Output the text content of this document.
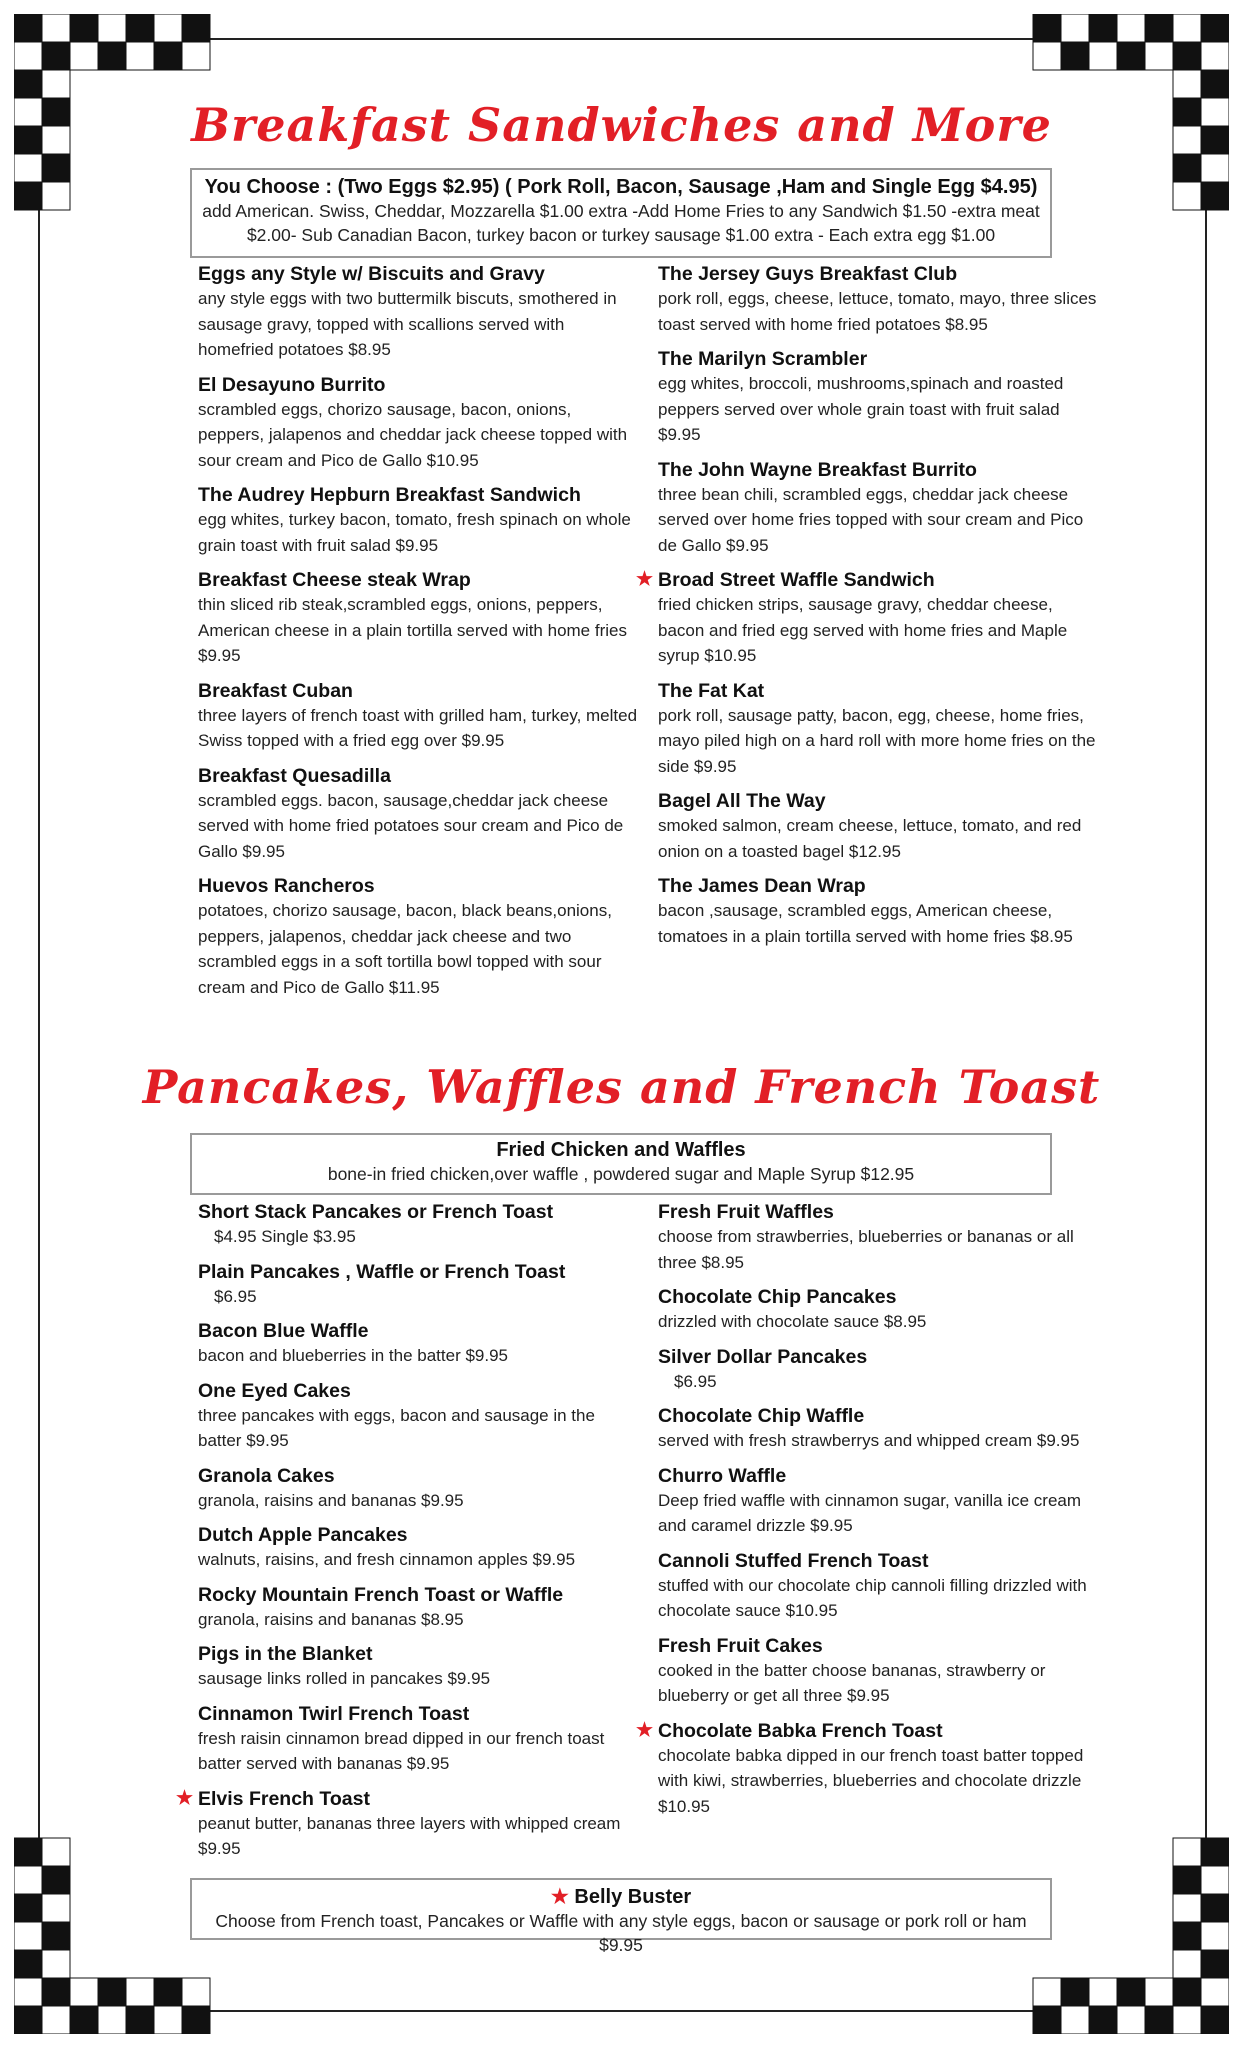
Breakfast Sandwiches and More
You Choose : (Two Eggs $2.95) ( Pork Roll, Bacon, Sausage ,Ham and Single Egg $4.95)
add American. Swiss, Cheddar, Mozzarella $1.00 extra -Add Home Fries to any Sandwich $1.50 -extra meat
$2.00- Sub Canadian Bacon, turkey bacon or turkey sausage $1.00 extra - Each extra egg $1.00
Eggs any Style w/ Biscuits and Gravy
any style eggs with two buttermilk biscuts, smothered in sausage gravy, topped with scallions served with homefried potatoes $8.95
El Desayuno Burrito
scrambled eggs, chorizo sausage, bacon, onions, peppers, jalapenos and cheddar jack cheese topped with sour cream and Pico de Gallo $10.95
The Audrey Hepburn Breakfast Sandwich
egg whites, turkey bacon, tomato, fresh spinach on whole grain toast with fruit salad $9.95
Breakfast Cheese steak Wrap
thin sliced rib steak,scrambled eggs, onions, peppers, American cheese in a plain tortilla served with home fries $9.95
Breakfast Cuban
three layers of french toast with grilled ham, turkey, melted Swiss topped with a fried egg over $9.95
Breakfast Quesadilla
scrambled eggs. bacon, sausage,cheddar jack cheese served with home fried potatoes sour cream and Pico de Gallo $9.95
Huevos Rancheros
potatoes, chorizo sausage, bacon, black beans,onions, peppers, jalapenos, cheddar jack cheese and two scrambled eggs in a soft tortilla bowl topped with sour cream and Pico de Gallo $11.95
The Jersey Guys Breakfast Club
pork roll, eggs, cheese, lettuce, tomato, mayo, three slices toast served with home fried potatoes $8.95
The Marilyn Scrambler
egg whites, broccoli, mushrooms,spinach and roasted peppers served over whole grain toast with fruit salad $9.95
The John Wayne Breakfast Burrito
three bean chili, scrambled eggs, cheddar jack cheese served over home fries topped with sour cream and Pico de Gallo $9.95
★ Broad Street Waffle Sandwich
fried chicken strips, sausage gravy, cheddar cheese, bacon and fried egg served with home fries and Maple syrup $10.95
The Fat Kat
pork roll, sausage patty, bacon, egg, cheese, home fries, mayo piled high on a hard roll with more home fries on the side $9.95
Bagel All The Way
smoked salmon, cream cheese, lettuce, tomato, and red onion on a toasted bagel $12.95
The James Dean Wrap
bacon ,sausage, scrambled eggs, American cheese, tomatoes in a plain tortilla served with home fries $8.95
Pancakes, Waffles and French Toast
Fried Chicken and Waffles
bone-in fried chicken,over waffle , powdered sugar and Maple Syrup $12.95
Short Stack Pancakes or French Toast
$4.95 Single $3.95
Plain Pancakes , Waffle or French Toast
$6.95
Bacon Blue Waffle
bacon and blueberries in the batter $9.95
One Eyed Cakes
three pancakes with eggs, bacon and sausage in the batter $9.95
Granola Cakes
granola, raisins and bananas $9.95
Dutch Apple Pancakes
walnuts, raisins, and fresh cinnamon apples $9.95
Rocky Mountain French Toast or Waffle
granola, raisins and bananas $8.95
Pigs in the Blanket
sausage links rolled in pancakes $9.95
Cinnamon Twirl French Toast
fresh raisin cinnamon bread dipped in our french toast batter served with bananas $9.95
★ Elvis French Toast
peanut butter, bananas three layers with whipped cream $9.95
Fresh Fruit Waffles
choose from strawberries, blueberries or bananas or all three $8.95
Chocolate Chip Pancakes
drizzled with chocolate sauce $8.95
Silver Dollar Pancakes
$6.95
Chocolate Chip Waffle
served with fresh strawberrys and whipped cream $9.95
Churro Waffle
Deep fried waffle with cinnamon sugar, vanilla ice cream and caramel drizzle $9.95
Cannoli Stuffed French Toast
stuffed with our chocolate chip cannoli filling drizzled with chocolate sauce $10.95
Fresh Fruit Cakes
cooked in the batter choose bananas, strawberry or blueberry or get all three $9.95
★ Chocolate Babka French Toast
chocolate babka dipped in our french toast batter topped with kiwi, strawberries, blueberries and chocolate drizzle $10.95
★ Belly Buster
Choose from French toast, Pancakes or Waffle with any style eggs, bacon or sausage or pork roll or ham $9.95
